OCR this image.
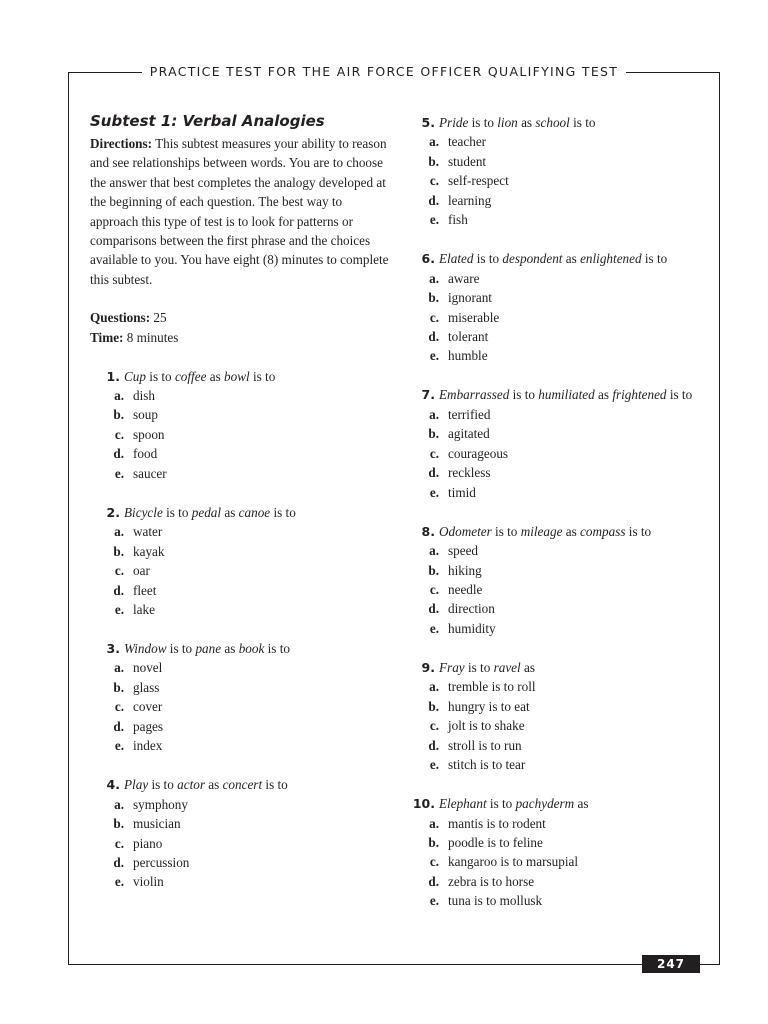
PRACTICE TEST FOR THE AIR FORCE OFFICER QUALIFYING TEST
Subtest 1: Verbal Analogies

Directions: This subtest measures your ability to reason and see relationships between words. You are to choose the answer that best completes the analogy developed at the beginning of each question. The best way to approach this type of test is to look for patterns or comparisons between the first phrase and the choices available to you. You have eight (8) minutes to complete this subtest.

Questions: 25
Time: 8 minutes
1. Cup is to coffee as bowl is to
a. dish
b. soup
c. spoon
d. food
e. saucer
2. Bicycle is to pedal as canoe is to
a. water
b. kayak
c. oar
d. fleet
e. lake
3. Window is to pane as book is to
a. novel
b. glass
c. cover
d. pages
e. index
4. Play is to actor as concert is to
a. symphony
b. musician
c. piano
d. percussion
e. violin
5. Pride is to lion as school is to
a. teacher
b. student
c. self-respect
d. learning
e. fish
6. Elated is to despondent as enlightened is to
a. aware
b. ignorant
c. miserable
d. tolerant
e. humble
7. Embarrassed is to humiliated as frightened is to
a. terrified
b. agitated
c. courageous
d. reckless
e. timid
8. Odometer is to mileage as compass is to
a. speed
b. hiking
c. needle
d. direction
e. humidity
9. Fray is to ravel as
a. tremble is to roll
b. hungry is to eat
c. jolt is to shake
d. stroll is to run
e. stitch is to tear
10. Elephant is to pachyderm as
a. mantis is to rodent
b. poodle is to feline
c. kangaroo is to marsupial
d. zebra is to horse
e. tuna is to mollusk
247
